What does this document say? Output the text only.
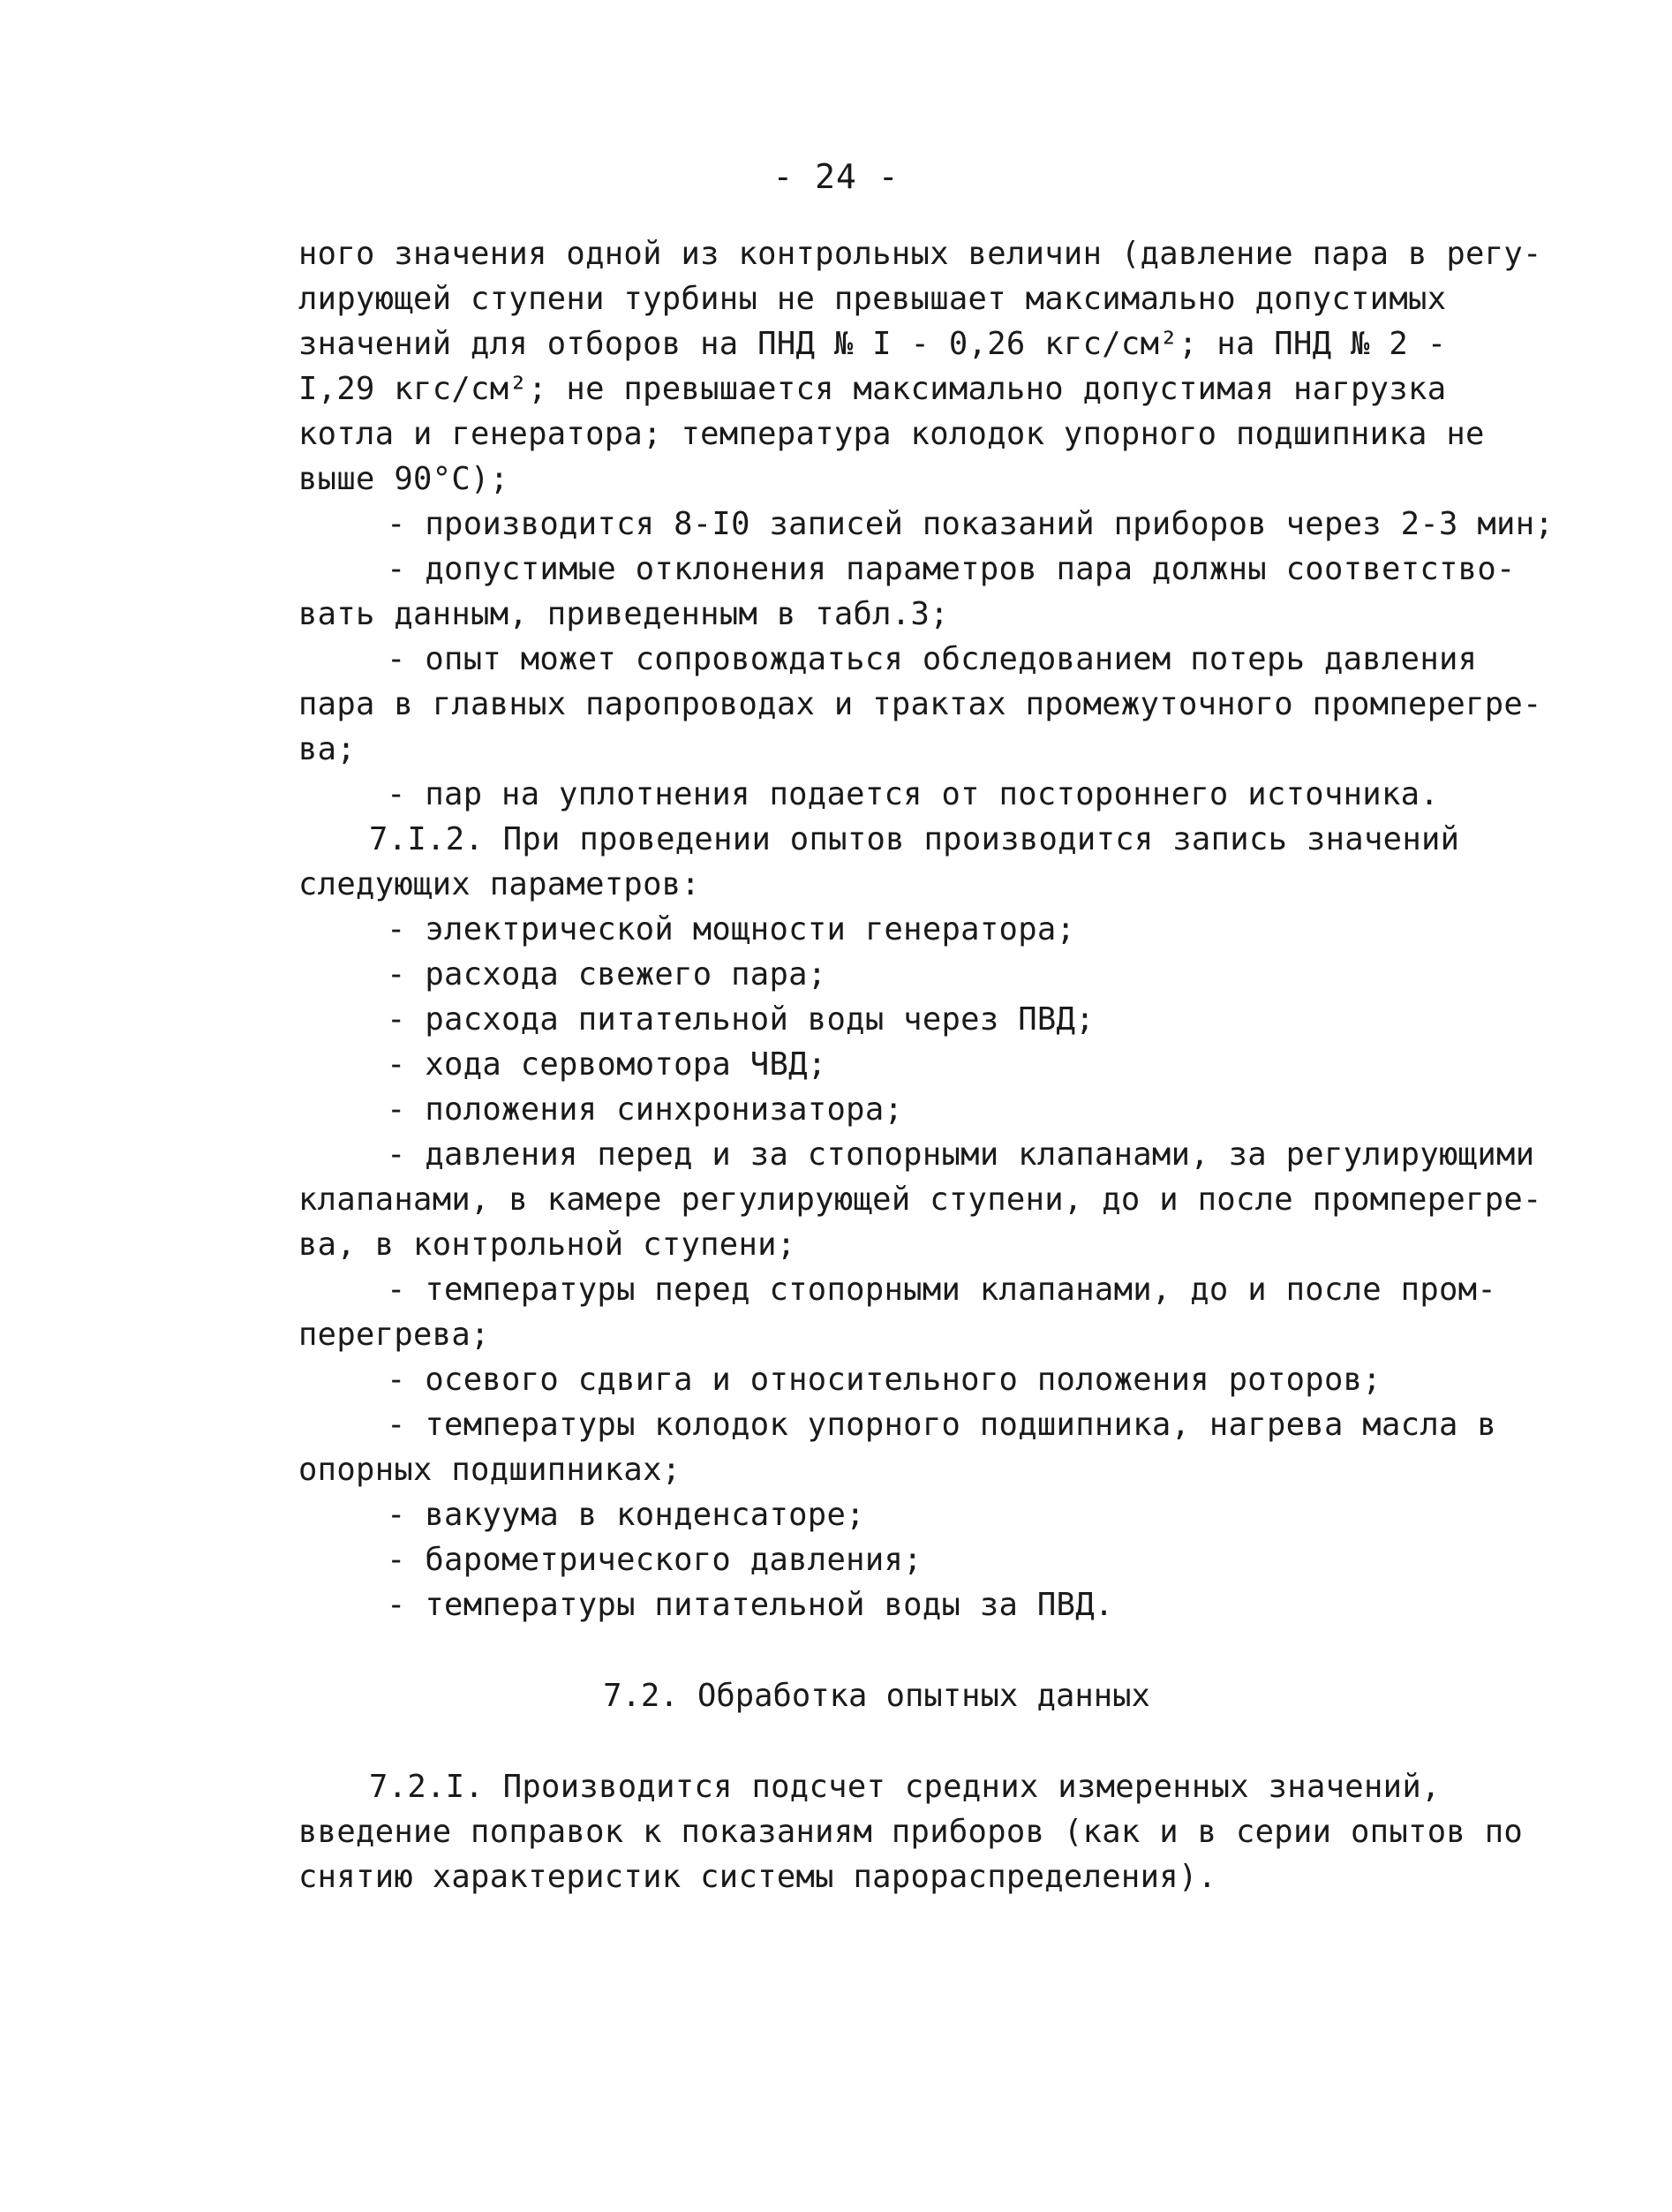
- 24 -
ного значения одной из контрольных величин (давление пара в регу-
лирующей ступени турбины не превышает максимально допустимых
значений для отборов на ПНД № I - 0,26 кгс/см²; на ПНД № 2 -
I,29 кгс/см²; не превышается максимально допустимая нагрузка
котла и генератора; температура колодок упорного подшипника не
выше 90°С);
- производится 8-I0 записей показаний приборов через 2-3 мин;
- допустимые отклонения параметров пара должны соответство-
вать данным, приведенным в табл.3;
- опыт может сопровождаться обследованием потерь давления
пара в главных паропроводах и трактах промежуточного промперегре-
ва;
- пар на уплотнения подается от постороннего источника.
7.I.2. При проведении опытов производится запись значений
следующих параметров:
- электрической мощности генератора;
- расхода свежего пара;
- расхода питательной воды через ПВД;
- хода сервомотора ЧВД;
- положения синхронизатора;
- давления перед и за стопорными клапанами, за регулирующими
клапанами, в камере регулирующей ступени, до и после промперегре-
ва, в контрольной ступени;
- температуры перед стопорными клапанами, до и после пром-
перегрева;
- осевого сдвига и относительного положения роторов;
- температуры колодок упорного подшипника, нагрева масла в
опорных подшипниках;
- вакуума в конденсаторе;
- барометрического давления;
- температуры питательной воды за ПВД.
7.2. Обработка опытных данных
7.2.I. Производится подсчет средних измеренных значений,
введение поправок к показаниям приборов (как и в серии опытов по
снятию характеристик системы парораспределения).
